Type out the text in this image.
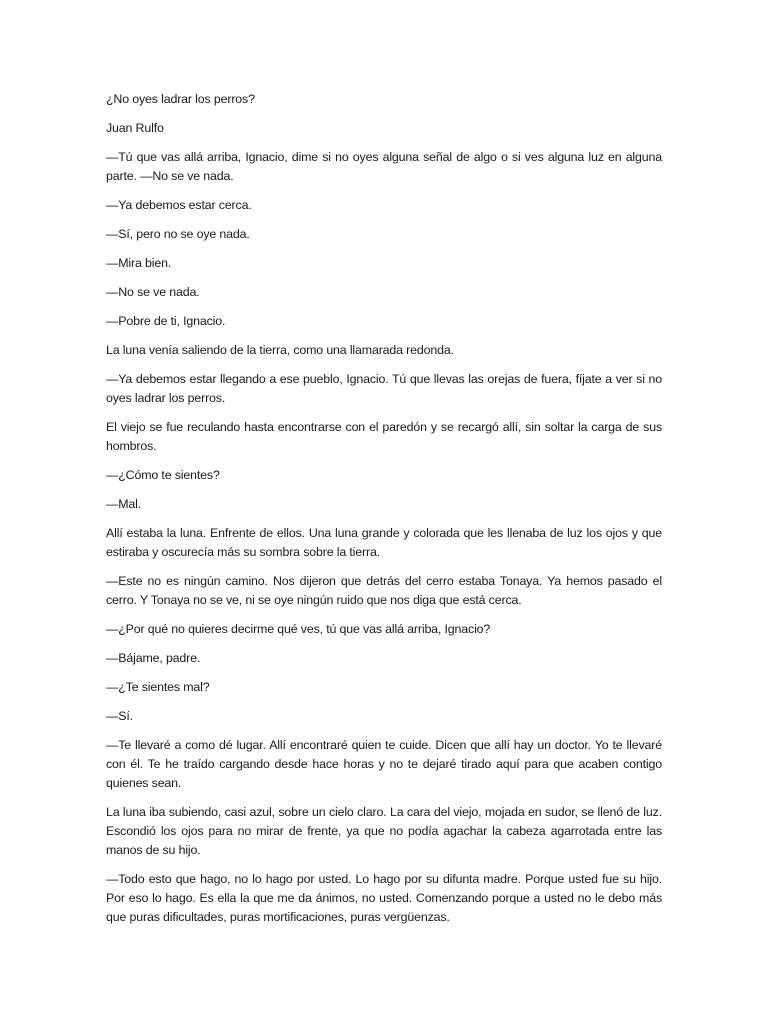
¿No oyes ladrar los perros?

Juan Rulfo

—Tú que vas allá arriba, Ignacio, dime si no oyes alguna señal de algo o si ves alguna luz en alguna parte. —No se ve nada.

—Ya debemos estar cerca.

—Sí, pero no se oye nada.

—Mira bien.

—No se ve nada.

—Pobre de ti, Ignacio.

La luna venía saliendo de la tierra, como una llamarada redonda.

—Ya debemos estar llegando a ese pueblo, Ignacio. Tú que llevas las orejas de fuera, fíjate a ver si no oyes ladrar los perros.

El viejo se fue reculando hasta encontrarse con el paredón y se recargó allí, sin soltar la carga de sus hombros.

—¿Cómo te sientes?

—Mal.

Allí estaba la luna. Enfrente de ellos. Una luna grande y colorada que les llenaba de luz los ojos y que estiraba y oscurecía más su sombra sobre la tierra.

—Este no es ningún camino. Nos dijeron que detrás del cerro estaba Tonaya. Ya hemos pasado el cerro. Y Tonaya no se ve, ni se oye ningún ruido que nos diga que está cerca.

—¿Por qué no quieres decirme qué ves, tú que vas allá arriba, Ignacio?

—Bájame, padre.

—¿Te sientes mal?

—Sí.

—Te llevaré a como dé lugar. Allí encontraré quien te cuide. Dicen que allí hay un doctor. Yo te llevaré con él. Te he traído cargando desde hace horas y no te dejaré tirado aquí para que acaben contigo quienes sean.

La luna iba subiendo, casi azul, sobre un cielo claro. La cara del viejo, mojada en sudor, se llenó de luz. Escondió los ojos para no mirar de frente, ya que no podía agachar la cabeza agarrotada entre las manos de su hijo.

—Todo esto que hago, no lo hago por usted. Lo hago por su difunta madre. Porque usted fue su hijo. Por eso lo hago. Es ella la que me da ánimos, no usted. Comenzando porque a usted no le debo más que puras dificultades, puras mortificaciones, puras vergüenzas.
